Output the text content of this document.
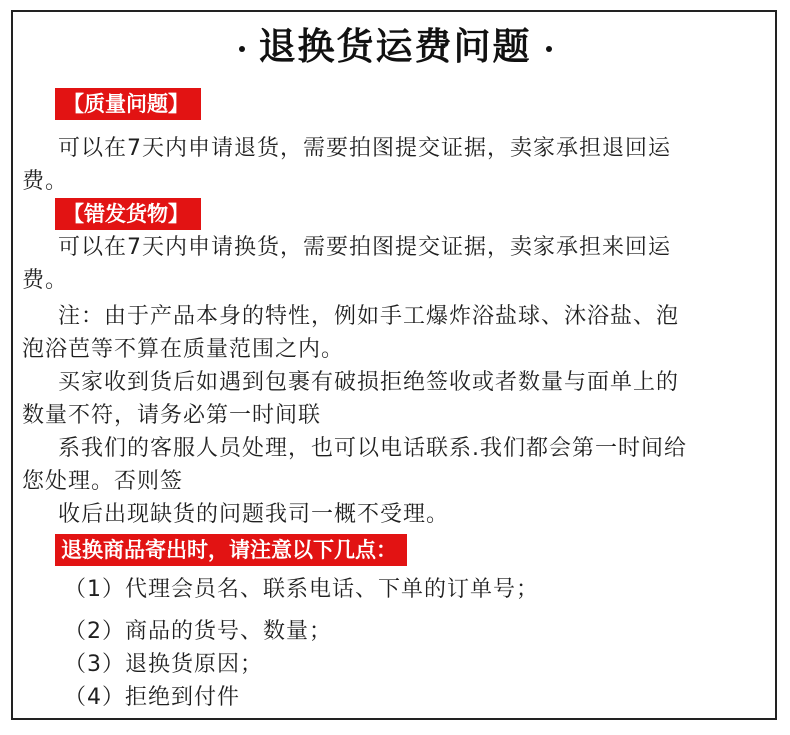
退换货运费问题
【质量问题】

可以在7天内申请退货，需要拍图提交证据，卖家承担退回运

费。

【错发货物】

可以在7天内申请换货，需要拍图提交证据，卖家承担来回运

费。

注：由于产品本身的特性，例如手工爆炸浴盐球、沐浴盐、泡

泡浴芭等不算在质量范围之内。

买家收到货后如遇到包裹有破损拒绝签收或者数量与面单上的

数量不符，请务必第一时间联

系我们的客服人员处理，也可以电话联系.我们都会第一时间给

您处理。否则签

收后出现缺货的问题我司一概不受理。

退换商品寄出时，请注意以下几点：
（1）代理会员名、联系电话、下单的订单号；
（2）商品的货号、数量；
（3）退换货原因；
（4）拒绝到付件
